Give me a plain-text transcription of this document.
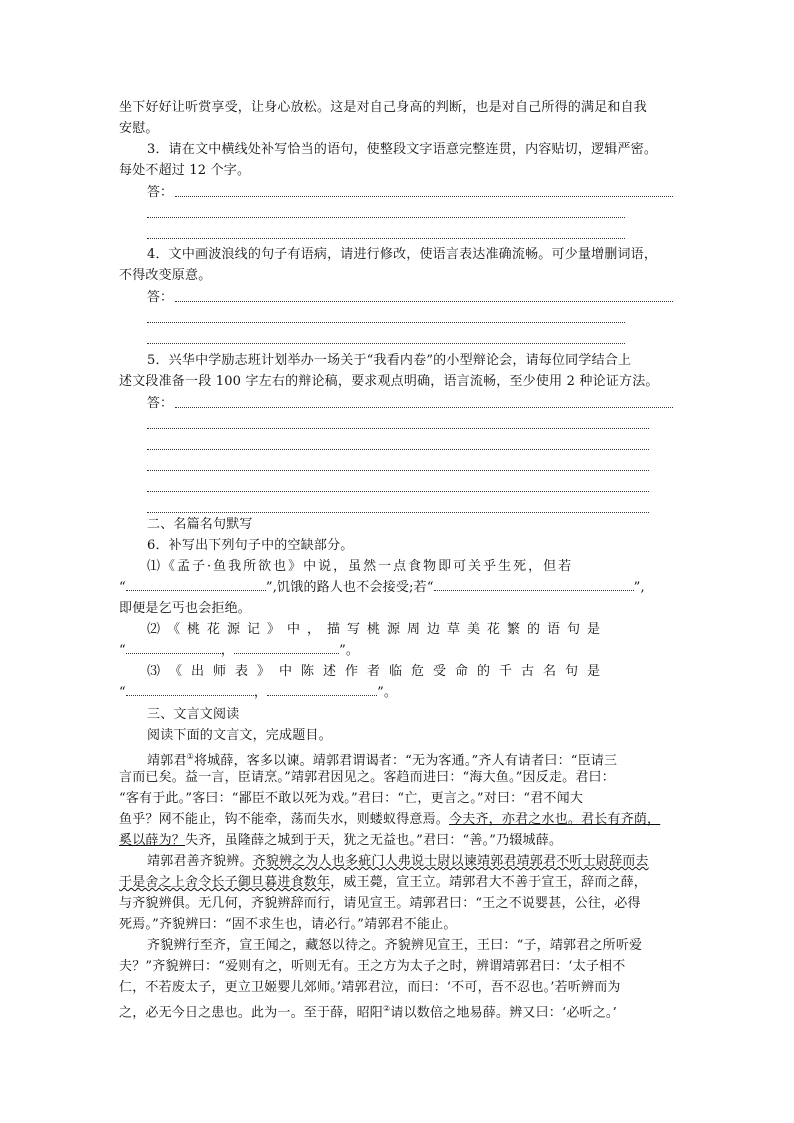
坐下好好让听赏享受，让身心放松。这是对自己身高的判断，也是对自己所得的满足和自我
安慰。
3．请在文中横线处补写恰当的语句，使整段文字语意完整连贯，内容贴切，逻辑严密。
每处不超过 12 个字。
答：
4．文中画波浪线的句子有语病，请进行修改，使语言表达准确流畅。可少量增删词语，
不得改变原意。
答：
5．兴华中学励志班计划举办一场关于“我看内卷”的小型辩论会，请每位同学结合上
述文段准备一段 100 字左右的辩论稿，要求观点明确，语言流畅，至少使用 2 种论证方法。
答：
二、名篇名句默写
6．补写出下列句子中的空缺部分。
⑴《孟子·鱼我所欲也》中说，虽然一点食物即可关乎生死，但若
“	”,饥饿的路人也不会接受;若“	”,
即便是乞丐也会拒绝。
⑵《桃花源记》中，描写桃源周边草美花繁的语句是
“	，	”。
⑶《出师表》中陈述作者临危受命的千古名句是
“	，	”。
三、文言文阅读
阅读下面的文言文，完成题目。
靖郭君①将城薛，客多以谏。靖郭君谓谒者：“无为客通。”齐人有请者曰：“臣请三
言而已矣。益一言，臣请烹。”靖郭君因见之。客趋而进曰：“海大鱼。”因反走。君曰：
“客有于此。”客曰：“鄙臣不敢以死为戏。”君曰：“亡，更言之。”对曰：“君不闻大
鱼乎？网不能止，钩不能牵，荡而失水，则蝼蚁得意焉。今夫齐，亦君之水也。君长有齐荫，
奚以薛为？失齐，虽隆薛之城到于天，犹之无益也。”君曰：“善。”乃辍城薛。
靖郭君善齐貌辨。齐貌辨之为人也多疵门人弗说士尉以谏靖郭君靖郭君不听士尉辞而去
于是舍之上舍令长子御旦暮进食数年，威王薨，宣王立。靖郭君大不善于宣王，辞而之薛，
与齐貌辨俱。无几何，齐貌辨辞而行，请见宣王。靖郭君曰：“王之不说婴甚，公往，必得
死焉。”齐貌辨曰：“固不求生也，请必行。”靖郭君不能止。
齐貌辨行至齐，宣王闻之，藏怒以待之。齐貌辨见宣王，王曰：“子，靖郭君之所听爱
夫？”齐貌辨曰：“爱则有之，听则无有。王之方为太子之时，辨谓靖郭君曰：‘太子相不
仁，不若废太子，更立卫姬婴儿郊师。’靖郭君泣，而曰：‘不可，吾不忍也。’若听辨而为
之，必无今日之患也。此为一。至于薛，昭阳②请以数倍之地易薛。辨又曰：‘必听之。’
